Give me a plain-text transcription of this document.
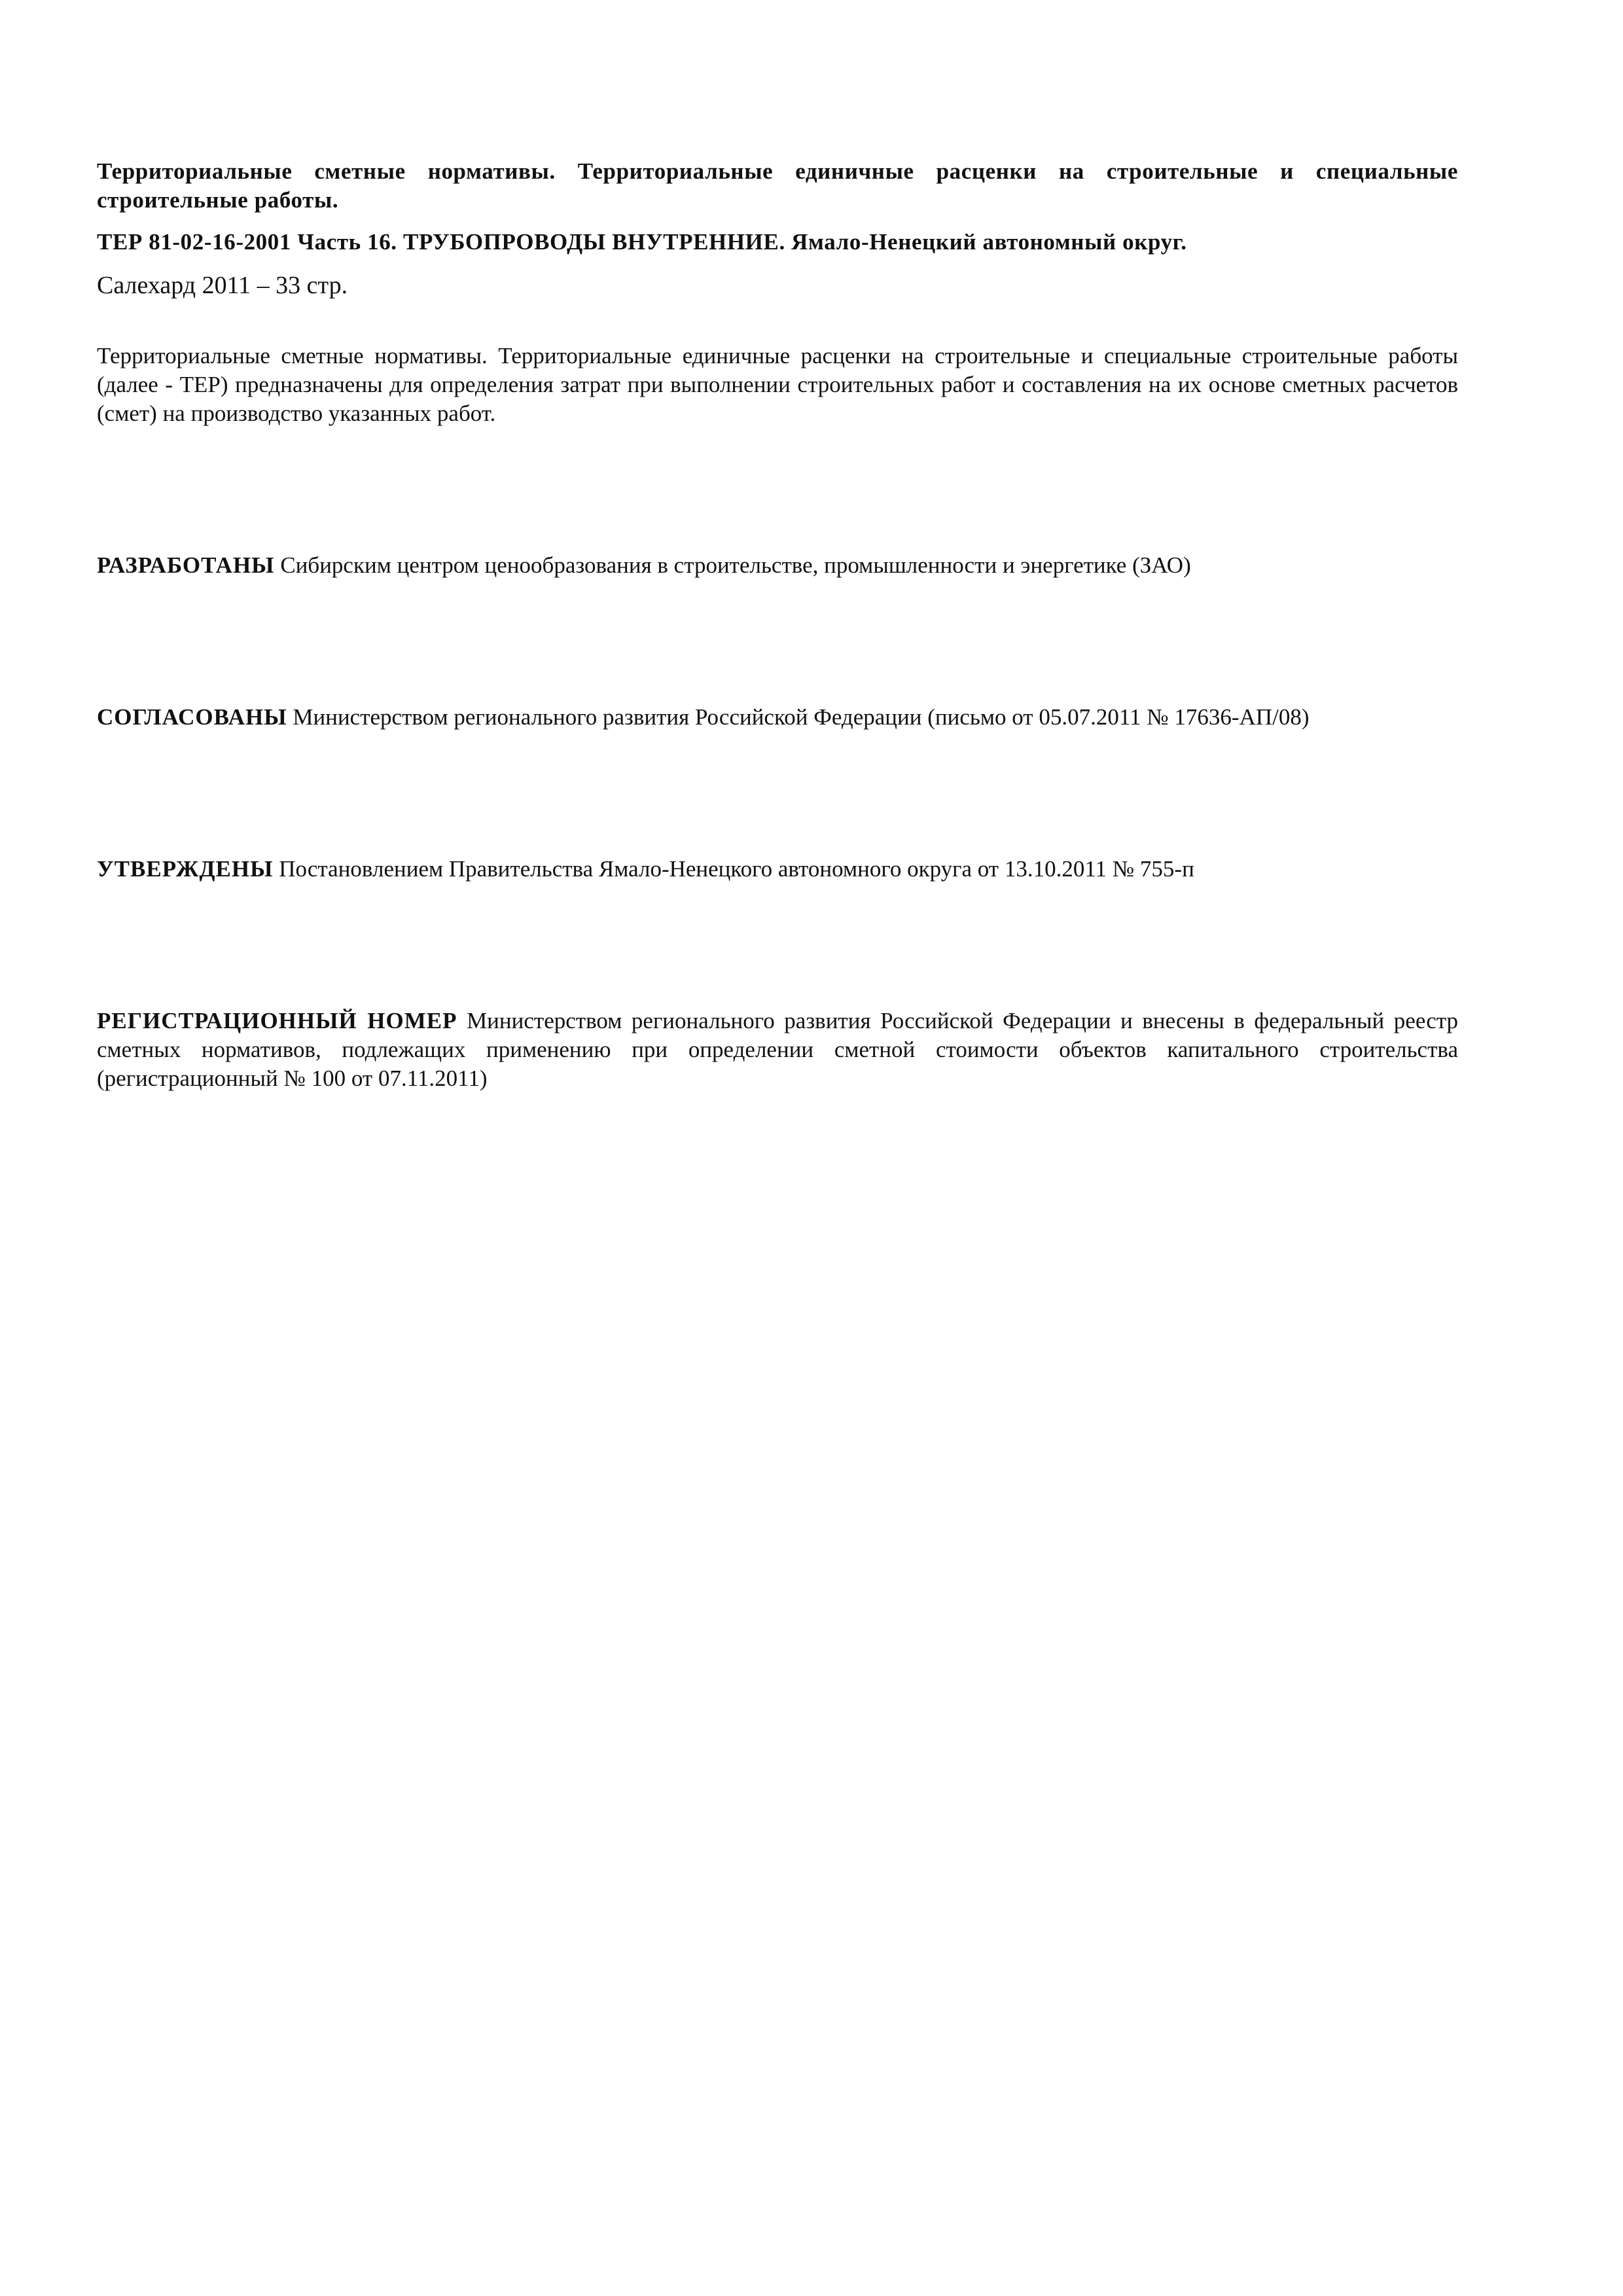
Территориальные сметные нормативы. Территориальные единичные расценки на строительные и специальные строительные работы.

ТЕР 81-02-16-2001 Часть 16. ТРУБОПРОВОДЫ ВНУТРЕННИЕ. Ямало-Ненецкий автономный округ.

Салехард 2011 – 33 стр.

Территориальные сметные нормативы. Территориальные единичные расценки на строительные и специальные строительные работы (далее - ТЕР) предназначены для определения затрат при выполнении строительных работ и составления на их основе сметных расчетов (смет) на производство указанных работ.

РАЗРАБОТАНЫ Сибирским центром ценообразования в строительстве, промышленности и энергетике (ЗАО)

СОГЛАСОВАНЫ Министерством регионального развития Российской Федерации (письмо от 05.07.2011 № 17636-АП/08)

УТВЕРЖДЕНЫ Постановлением Правительства Ямало-Ненецкого автономного округа от 13.10.2011 № 755-п

РЕГИСТРАЦИОННЫЙ НОМЕР Министерством регионального развития Российской Федерации и внесены в федеральный реестр сметных нормативов, подлежащих применению при определении сметной стоимости объектов капитального строительства (регистрационный № 100 от 07.11.2011)
